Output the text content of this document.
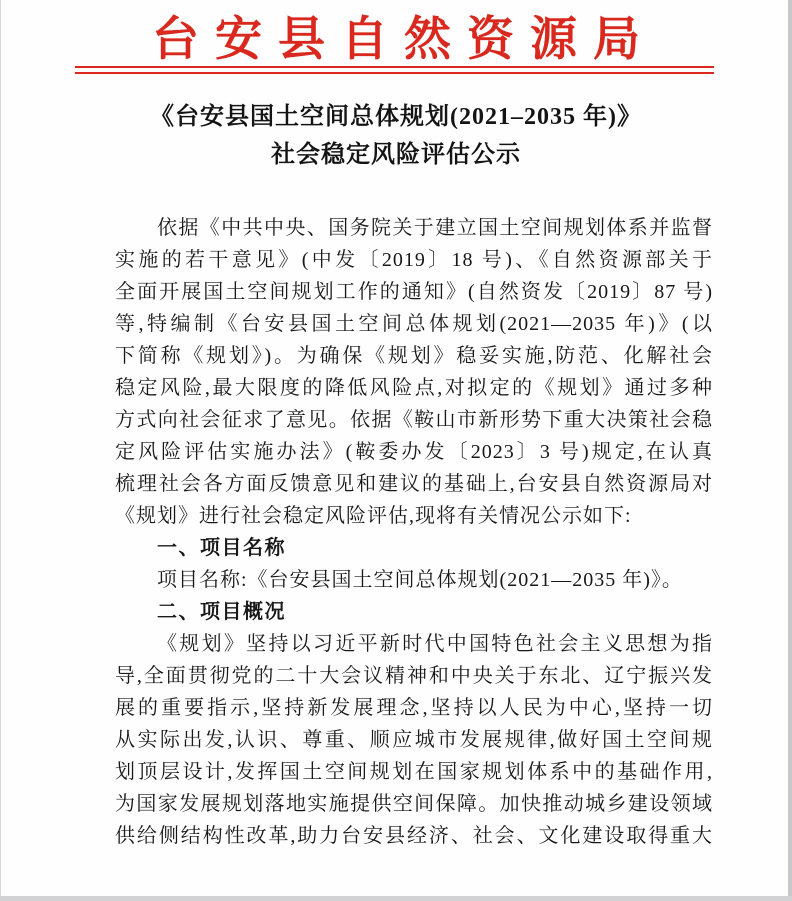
台安县自然资源局
《台安县国土空间总体规划(2021–2035 年)》
社会稳定风险评估公示
依据《中共中央、国务院关于建立国土空间规划体系并监督
实施的若干意见》(中发〔2019〕18 号)、《自然资源部关于
全面开展国土空间规划工作的通知》(自然资发〔2019〕87 号)
等,特编制《台安县国土空间总体规划(2021—2035 年)》(以
下简称《规划》)。为确保《规划》稳妥实施,防范、化解社会
稳定风险,最大限度的降低风险点,对拟定的《规划》通过多种
方式向社会征求了意见。依据《鞍山市新形势下重大决策社会稳
定风险评估实施办法》(鞍委办发〔2023〕3 号)规定,在认真
梳理社会各方面反馈意见和建议的基础上,台安县自然资源局对
《规划》进行社会稳定风险评估,现将有关情况公示如下:
一、项目名称
项目名称:《台安县国土空间总体规划(2021—2035 年)》。
二、项目概况
《规划》坚持以习近平新时代中国特色社会主义思想为指
导,全面贯彻党的二十大会议精神和中央关于东北、辽宁振兴发
展的重要指示,坚持新发展理念,坚持以人民为中心,坚持一切
从实际出发,认识、尊重、顺应城市发展规律,做好国土空间规
划顶层设计,发挥国土空间规划在国家规划体系中的基础作用,
为国家发展规划落地实施提供空间保障。加快推动城乡建设领域
供给侧结构性改革,助力台安县经济、社会、文化建设取得重大
